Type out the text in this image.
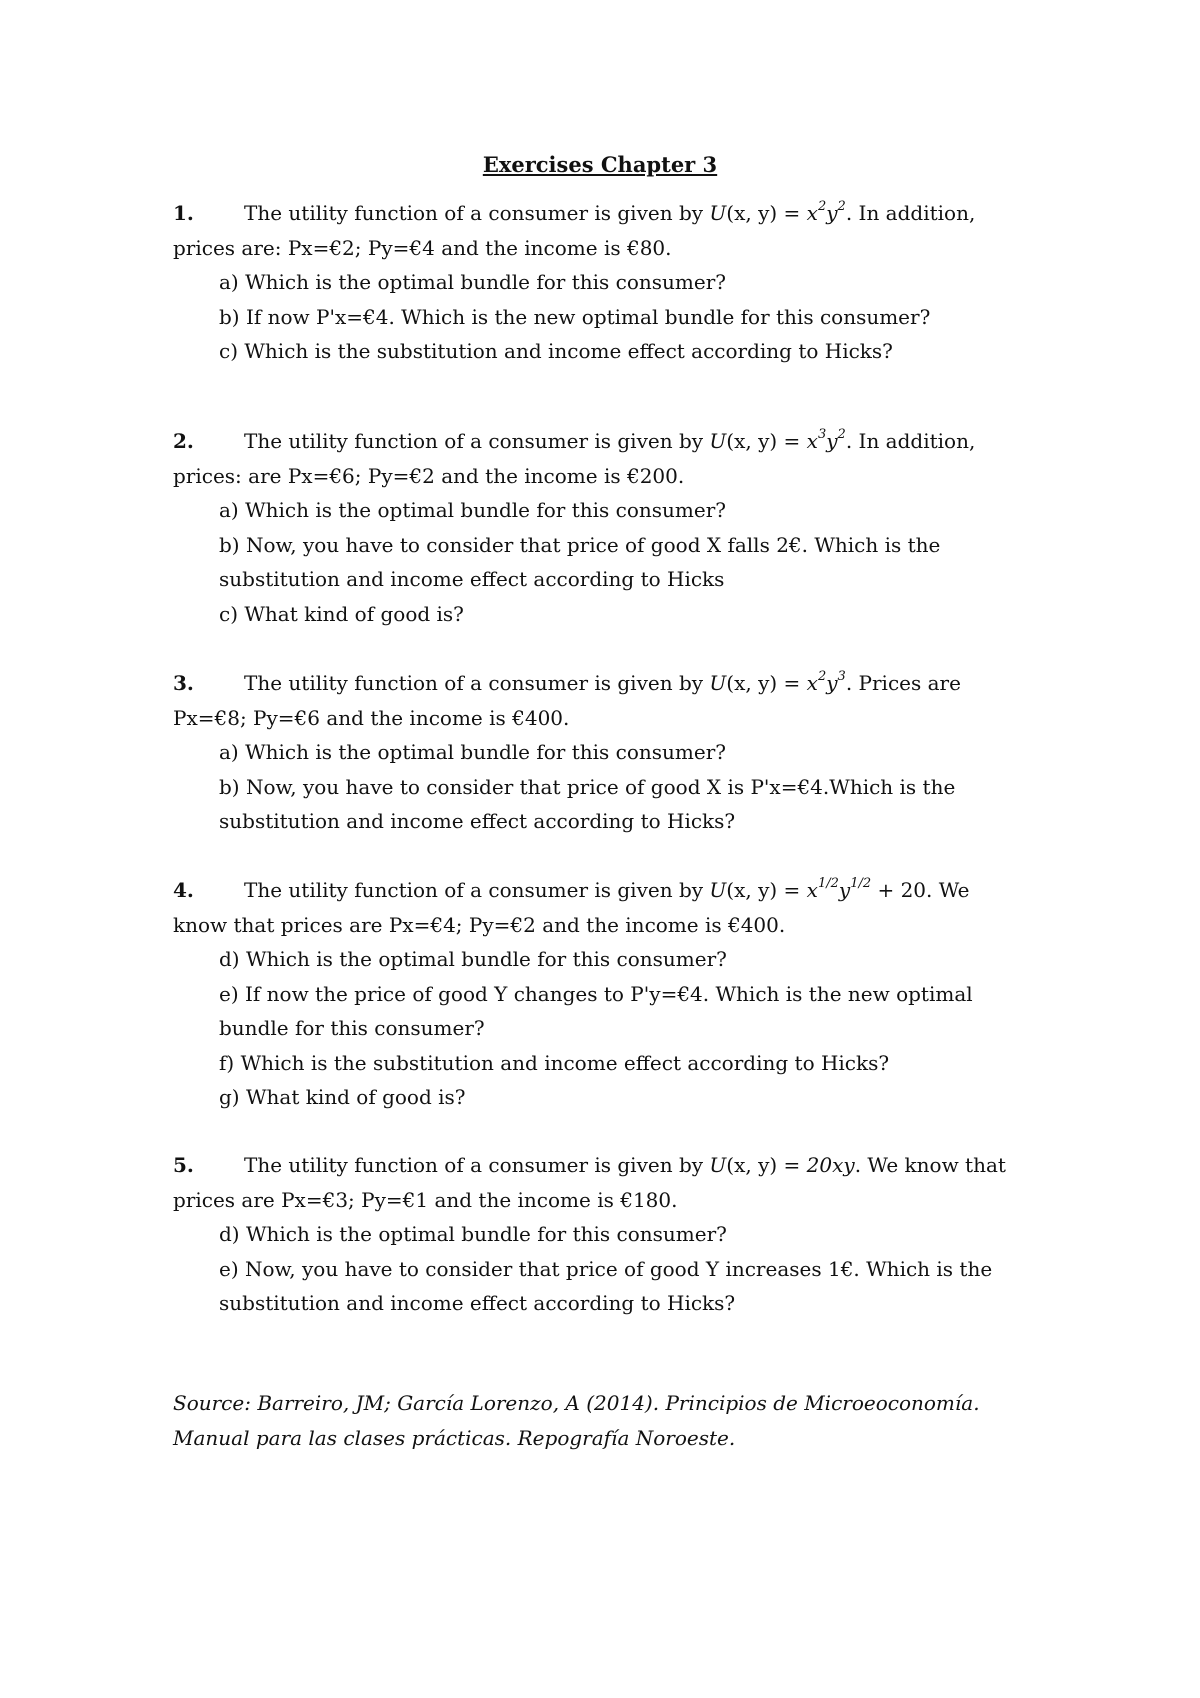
Exercises Chapter 3
1.	The utility function of a consumer is given by U(x, $y) = x^2y^2$. In addition,
prices are: Px=€2; Py=€4 and the income is €80.
a) Which is the optimal bundle for this consumer?
b) If now P'x=€4. Which is the new optimal bundle for this consumer?
c) Which is the substitution and income effect according to Hicks?
2.	The utility function of a consumer is given by U(x, $y) = x^3y^2$. In addition,
prices: are Px=€6; Py=€2 and the income is €200.
a) Which is the optimal bundle for this consumer?
b) Now, you have to consider that price of good X falls 2€. Which is the
substitution and income effect according to Hicks
c) What kind of good is?
3.	The utility function of a consumer is given by U(x, $y) = x^2y^3$. Prices are
Px=€8; Py=€6 and the income is €400.
a) Which is the optimal bundle for this consumer?
b) Now, you have to consider that price of good X is P'x=€4.Which is the
substitution and income effect according to Hicks?
4.	The utility function of a consumer is given by U(x, $y) = x^{1/2}y^{1/2} + 20$. We
know that prices are Px=€4; Py=€2 and the income is €400.
d) Which is the optimal bundle for this consumer?
e) If now the price of good Y changes to P'y=€4. Which is the new optimal
bundle for this consumer?
f) Which is the substitution and income effect according to Hicks?
g) What kind of good is?
5.	The utility function of a consumer is given by U(x, y) = 20xy. We know that
prices are Px=€3; Py=€1 and the income is €180.
d) Which is the optimal bundle for this consumer?
e) Now, you have to consider that price of good Y increases 1€. Which is the
substitution and income effect according to Hicks?
Source: Barreiro, JM; García Lorenzo, A (2014). Principios de Microeoconomía.
Manual para las clases prácticas. Repografía Noroeste.
